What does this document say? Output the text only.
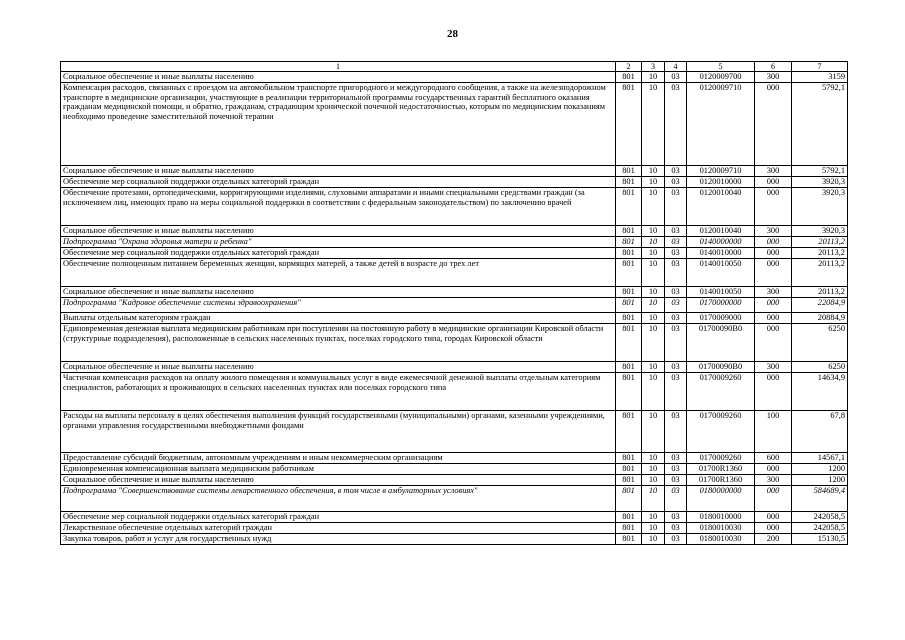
28
1	2	3	4	5	6	7
Социальное обеспечение и иные выплаты населению	801	10	03	0120009700	300	3159
Компенсация расходов, связанных с проездом на автомобильном транспорте пригородного и междугородного сообщения, а также на железнодорожном транспорте в медицинские организации, участвующие в реализации территориальной программы государственных гарантий бесплатного оказания гражданам медицинской помощи, и обратно, гражданам, страдающим хронической почечной недостаточностью, которым по медицинским показаниям необходимо проведение заместительной почечной терапии	801	10	03	0120009710	000	5792,1
Социальное обеспечение и иные выплаты населению	801	10	03	0120009710	300	5792,1
Обеспечение мер социальной поддержки отдельных категорий граждан	801	10	03	0120010000	000	3920,3
Обеспечение протезами, ортопедическими, корригирующими изделиями, слуховыми аппаратами и иными специальными средствами граждан (за исключением лиц, имеющих право на меры социальной поддержки в соответствии с федеральным законодательством) по заключению врачей	801	10	03	0120010040	000	3920,3
Социальное обеспечение и иные выплаты населению	801	10	03	0120010040	300	3920,3
Подпрограмма "Охрана здоровья матери и ребенка"	801	10	03	0140000000	000	20113,2
Обеспечение мер социальной поддержки отдельных категорий граждан	801	10	03	0140010000	000	20113,2
Обеспечение полноценным питанием беременных женщин, кормящих матерей, а также детей в возрасте до трех лет	801	10	03	0140010050	000	20113,2
Социальное обеспечение и иные выплаты населению	801	10	03	0140010050	300	20113,2
Подпрограмма "Кадровое обеспечение системы здравоохранения"	801	10	03	0170000000	000	22084,9
Выплаты отдельным категориям граждан	801	10	03	0170009000	000	20884,9
Единовременная денежная выплата медицинским работникам при поступлении на постоянную работу в медицинские организации Кировской области (структурные подразделения), расположенные в сельских населенных пунктах, поселках городского типа, городах Кировской области	801	10	03	01700090В0	000	6250
Социальное обеспечение и иные выплаты населению	801	10	03	01700090В0	300	6250
Частичная компенсация расходов на оплату жилого помещения и коммунальных услуг в виде ежемесячной денежной выплаты отдельным категориям специалистов, работающих и проживающих в сельских населенных пунктах или поселках городского типа	801	10	03	0170009260	000	14634,9
Расходы на выплаты персоналу в целях обеспечения выполнения функций государственными (муниципальными) органами, казенными учреждениями, органами управления государственными внебюджетными фондами	801	10	03	0170009260	100	67,8
Предоставление субсидий бюджетным, автономным учреждениям и иным некоммерческим организациям	801	10	03	0170009260	600	14567,1
Единовременная компенсационная выплата медицинским работникам	801	10	03	01700R1360	000	1200
Социальное обеспечение и иные выплаты населению	801	10	03	01700R1360	300	1200
Подпрограмма "Совершенствование системы лекарственного обеспечения, в том числе в амбулаторных условиях"	801	10	03	0180000000	000	584689,4
Обеспечение мер социальной поддержки отдельных категорий граждан	801	10	03	0180010000	000	242058,5
Лекарственное обеспечение отдельных категорий граждан	801	10	03	0180010030	000	242058,5
Закупка товаров, работ и услуг для государственных нужд	801	10	03	0180010030	200	15130,5
